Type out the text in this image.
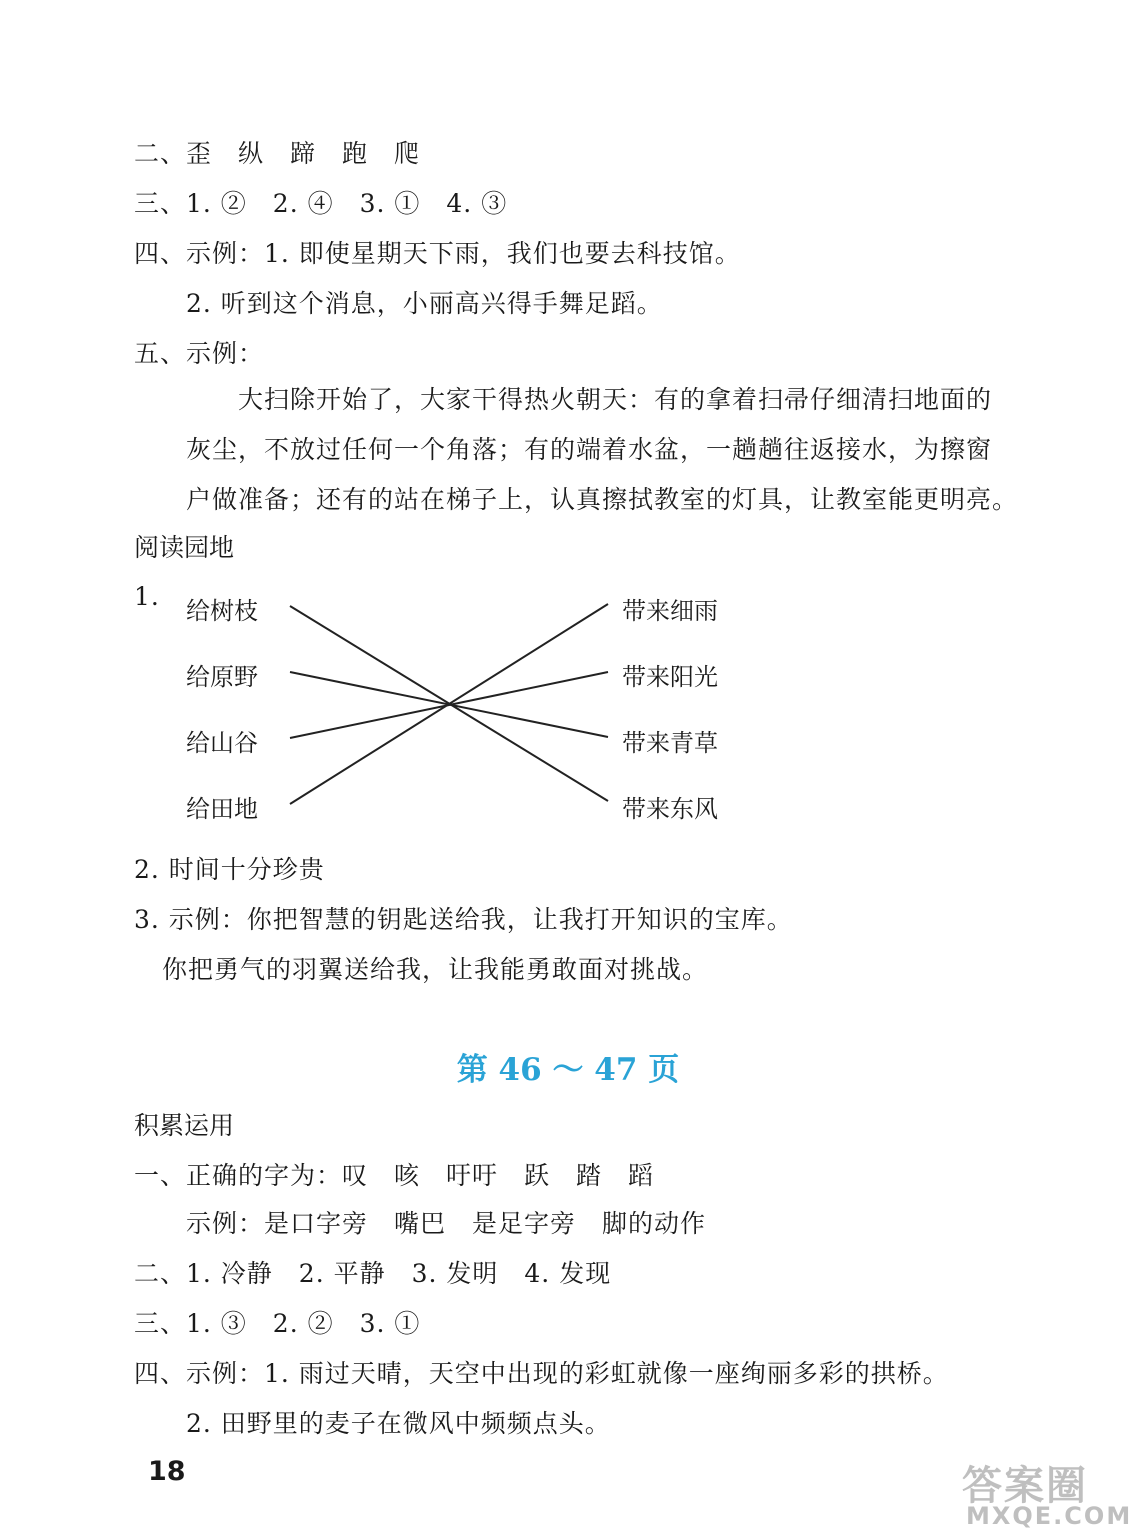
二、歪　纵　蹄　跑　爬
三、1. ②　2. ④　3. ①　4. ③
四、示例：1. 即使星期天下雨，我们也要去科技馆。
2. 听到这个消息，小丽高兴得手舞足蹈。
五、示例：
大扫除开始了，大家干得热火朝天：有的拿着扫帚仔细清扫地面的
灰尘，不放过任何一个角落；有的端着水盆，一趟趟往返接水，为擦窗
户做准备；还有的站在梯子上，认真擦拭教室的灯具，让教室能更明亮。
阅读园地
1. 给树枝
给原野
给山谷
给田地
带来细雨
带来阳光
带来青草
带来东风
2. 时间十分珍贵
3. 示例：你把智慧的钥匙送给我，让我打开知识的宝库。
你把勇气的羽翼送给我，让我能勇敢面对挑战。
第 46 ～ 47 页
积累运用
一、正确的字为：叹　咳　吁吁　跃　踏　蹈
示例：是口字旁　嘴巴　是足字旁　脚的动作
二、1. 冷静　2. 平静　3. 发明　4. 发现
三、1. ③　2. ②　3. ①
四、示例：1. 雨过天晴，天空中出现的彩虹就像一座绚丽多彩的拱桥。
2. 田野里的麦子在微风中频频点头。
18	答案圈
MXQE.COM
